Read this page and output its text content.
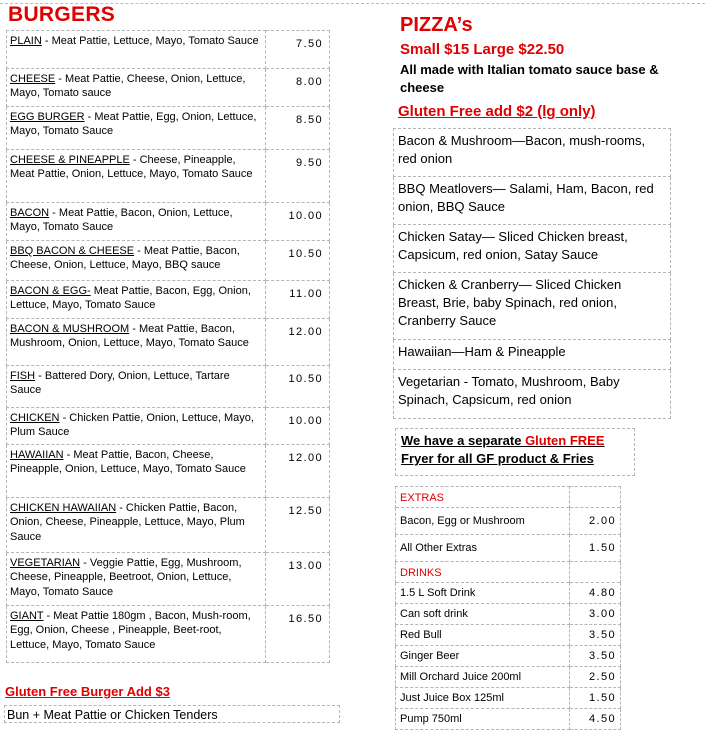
BURGERS
PLAIN - Meat Pattie, Lettuce, Mayo, Tomato Sauce	7.50
CHEESE - Meat Pattie, Cheese, Onion, Lettuce, Mayo, Tomato sauce	8.00
EGG BURGER - Meat Pattie, Egg, Onion, Lettuce, Mayo, Tomato Sauce	8.50
CHEESE & PINEAPPLE - Cheese, Pineapple, Meat Pattie, Onion, Lettuce, Mayo, Tomato Sauce	9.50
BACON - Meat Pattie, Bacon, Onion, Lettuce, Mayo, Tomato Sauce	10.00
BBQ BACON & CHEESE - Meat Pattie, Bacon, Cheese, Onion, Lettuce, Mayo, BBQ sauce	10.50
BACON & EGG- Meat Pattie, Bacon, Egg, Onion, Lettuce, Mayo, Tomato Sauce	11.00
BACON & MUSHROOM - Meat Pattie, Bacon, Mushroom, Onion, Lettuce, Mayo, Tomato Sauce	12.00
FISH - Battered Dory, Onion, Lettuce, Tartare Sauce	10.50
CHICKEN - Chicken Pattie, Onion, Lettuce, Mayo, Plum Sauce	10.00
HAWAIIAN - Meat Pattie, Bacon, Cheese, Pineapple, Onion, Lettuce, Mayo, Tomato Sauce	12.00
CHICKEN HAWAIIAN - Chicken Pattie, Bacon, Onion, Cheese, Pineapple, Lettuce, Mayo, Plum Sauce	12.50
VEGETARIAN - Veggie Pattie, Egg, Mushroom, Cheese, Pineapple, Beetroot, Onion, Lettuce, Mayo, Tomato Sauce	13.00
GIANT - Meat Pattie 180gm , Bacon, Mush-room, Egg, Onion, Cheese , Pineapple, Beet-root, Lettuce, Mayo, Tomato Sauce	16.50
Gluten Free Burger Add $3
Bun + Meat Pattie or Chicken Tenders
PIZZA’s
Small $15 Large $22.50
All made with Italian tomato sauce base & cheese
Gluten Free add $2 (lg only)
Bacon & Mushroom—Bacon, mush-rooms, red onion
BBQ Meatlovers— Salami, Ham, Bacon, red onion, BBQ Sauce
Chicken Satay— Sliced Chicken breast, Capsicum, red onion, Satay Sauce
Chicken & Cranberry— Sliced Chicken Breast, Brie, baby Spinach, red onion, Cranberry Sauce
Hawaiian—Ham & Pineapple
Vegetarian - Tomato, Mushroom, Baby Spinach, Capsicum, red onion
We have a separate Gluten FREE
Fryer for all GF product & Fries
EXTRAS	
Bacon, Egg or Mushroom	2.00
All Other Extras	1.50
DRINKS	
1.5 L Soft Drink	4.80
Can soft drink	3.00
Red Bull	3.50
Ginger Beer	3.50
Mill Orchard Juice 200ml	2.50
Just Juice Box 125ml	1.50
Pump 750ml	4.50
